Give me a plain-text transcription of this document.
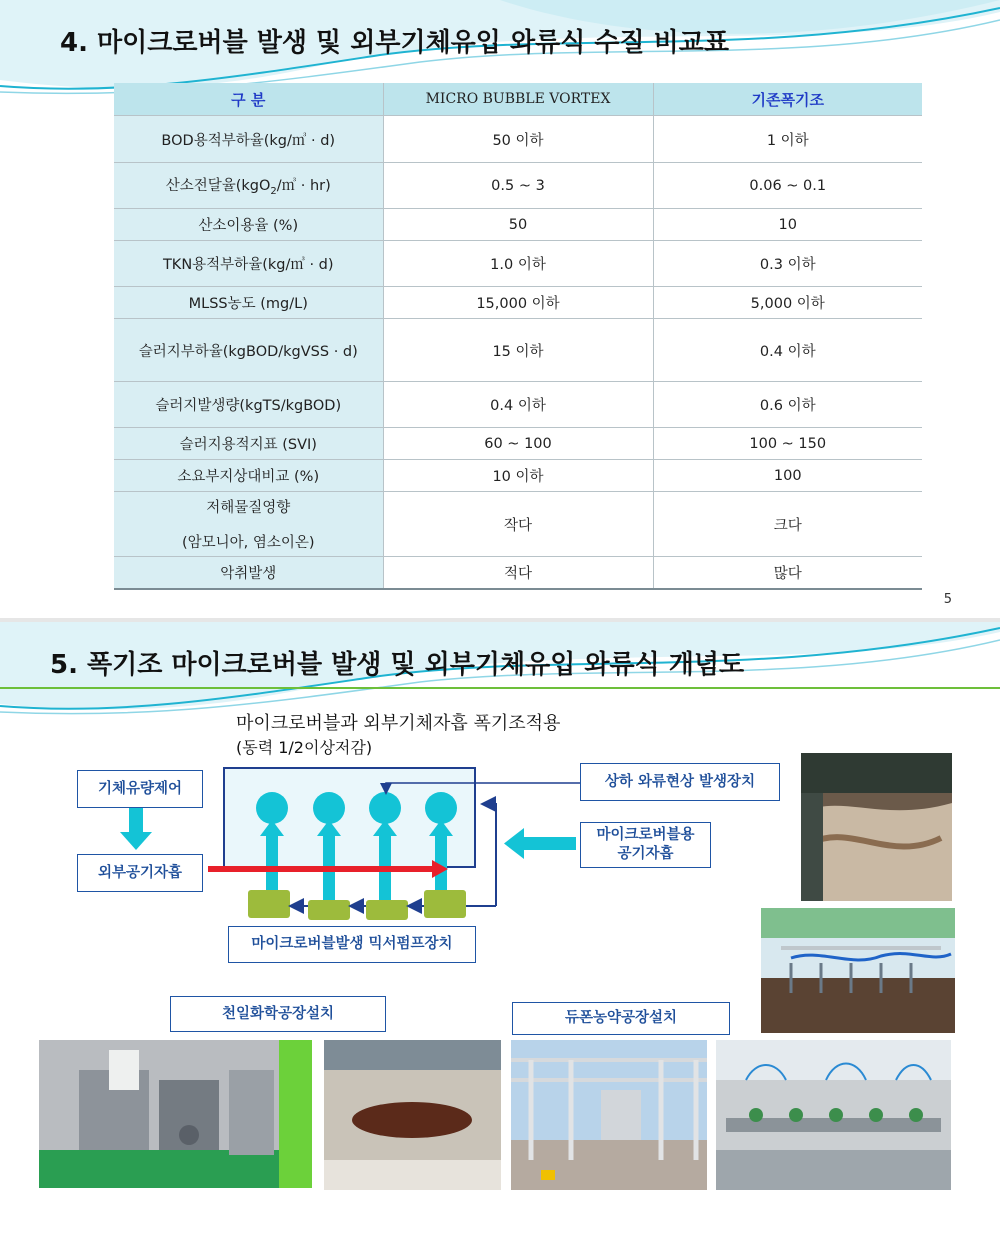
4. 마이크로버블 발생 및 외부기체유입 와류식 수질 비교표
구 분	MICRO BUBBLE VORTEX	기존폭기조
BOD용적부하율(kg/㎥ · d)	50 이하	1 이하
산소전달율(kgO$_2$/㎥ · hr)	0.5 ~ 3	0.06 ~ 0.1
산소이용율 (%)	50	10
TKN용적부하율(kg/㎥ · d)	1.0 이하	0.3 이하
MLSS농도 (mg/L)	15,000 이하	5,000 이하
슬러지부하율(kgBOD/kgVSS · d)	15 이하	0.4 이하
슬러지발생량(kgTS/kgBOD)	0.4 이하	0.6 이하
슬러지용적지표 (SVI)	60 ~ 100	100 ~ 150
소요부지상대비교 (%)	10 이하	100

저해물질영향
(암모니아, 염소이온)	작다	크다
악취발생	적다	많다
5
5. 폭기조 마이크로버블 발생 및 외부기체유입 와류식 개념도
마이크로버블과 외부기체자흡 폭기조적용
(동력 1/2이상저감)
기체유량제어
외부공기자흡
상하 와류현상 발생장치
마이크로버블용
공기자흡
마이크로버블발생 믹서펌프장치
천일화학공장설치	듀폰농약공장설치
